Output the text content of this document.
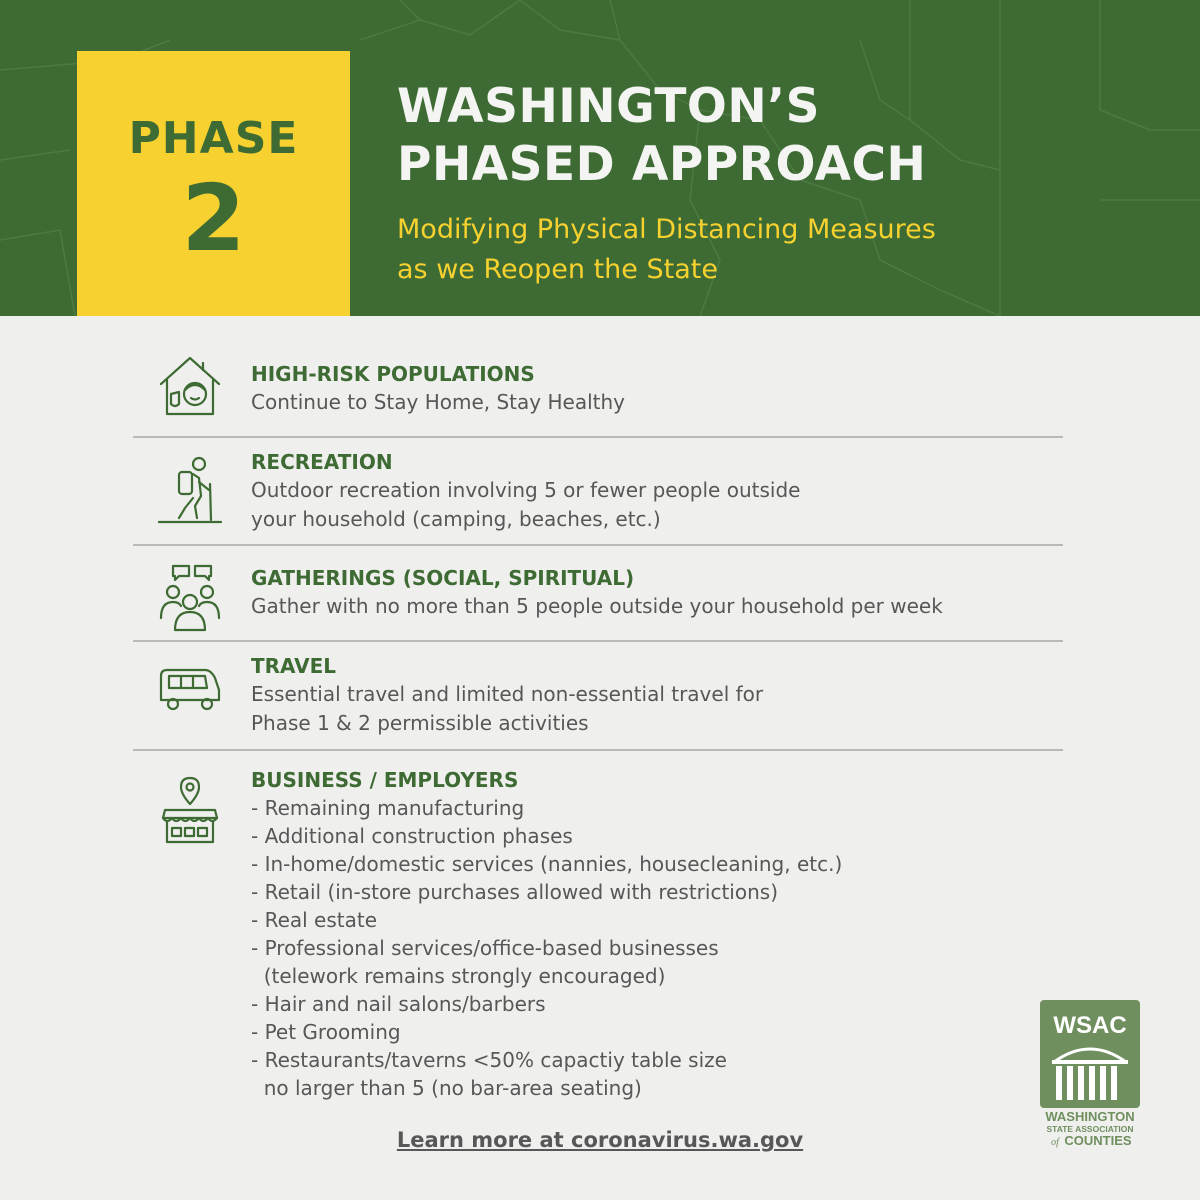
PHASE
2
WASHINGTON’S
PHASED APPROACH
Modifying Physical Distancing Measures
as we Reopen the State
HIGH-RISK POPULATIONS
Continue to Stay Home, Stay Healthy
RECREATION
Outdoor recreation involving 5 or fewer people outside
your household (camping, beaches, etc.)
GATHERINGS (SOCIAL, SPIRITUAL)
Gather with no more than 5 people outside your household per week
TRAVEL
Essential travel and limited non-essential travel for
Phase 1 & 2 permissible activities
BUSINESS / EMPLOYERS
- Remaining manufacturing
- Additional construction phases
- In-home/domestic services (nannies, housecleaning, etc.)
- Retail (in-store purchases allowed with restrictions)
- Real estate
- Professional services/office-based businesses
(telework remains strongly encouraged)
- Hair and nail salons/barbers
- Pet Grooming
- Restaurants/taverns <50% capactiy table size
no larger than 5 (no bar-area seating)
Learn more at coronavirus.wa.gov
WSAC
WASHINGTON
STATE ASSOCIATION
of COUNTIES
